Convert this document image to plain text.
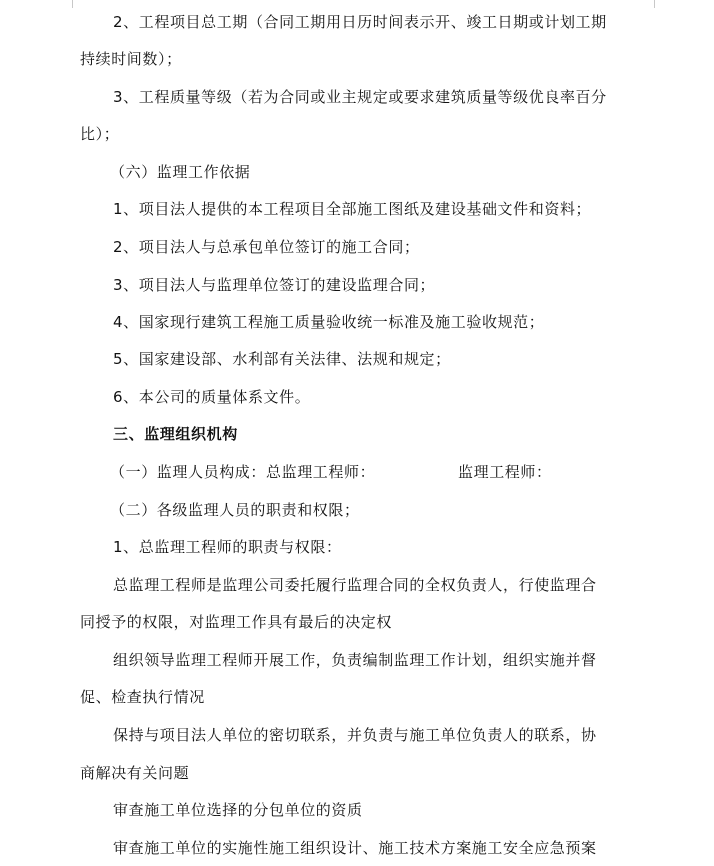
2、工程项目总工期（合同工期用日历时间表示开、竣工日期或计划工期
持续时间数）；
3、工程质量等级（若为合同或业主规定或要求建筑质量等级优良率百分
比）；
（六）监理工作依据
1、项目法人提供的本工程项目全部施工图纸及建设基础文件和资料；
2、项目法人与总承包单位签订的施工合同；
3、项目法人与监理单位签订的建设监理合同；
4、国家现行建筑工程施工质量验收统一标准及施工验收规范；
5、国家建设部、水利部有关法律、法规和规定；
6、本公司的质量体系文件。
三、监理组织机构
（一）监理人员构成：总监理工程师：	监理工程师：
（二）各级监理人员的职责和权限；
1、总监理工程师的职责与权限：
总监理工程师是监理公司委托履行监理合同的全权负责人，行使监理合
同授予的权限，对监理工作具有最后的决定权
组织领导监理工程师开展工作，负责编制监理工作计划，组织实施并督
促、检查执行情况
保持与项目法人单位的密切联系，并负责与施工单位负责人的联系，协
商解决有关问题
审查施工单位选择的分包单位的资质
审查施工单位的实施性施工组织设计、施工技术方案施工安全应急预案
